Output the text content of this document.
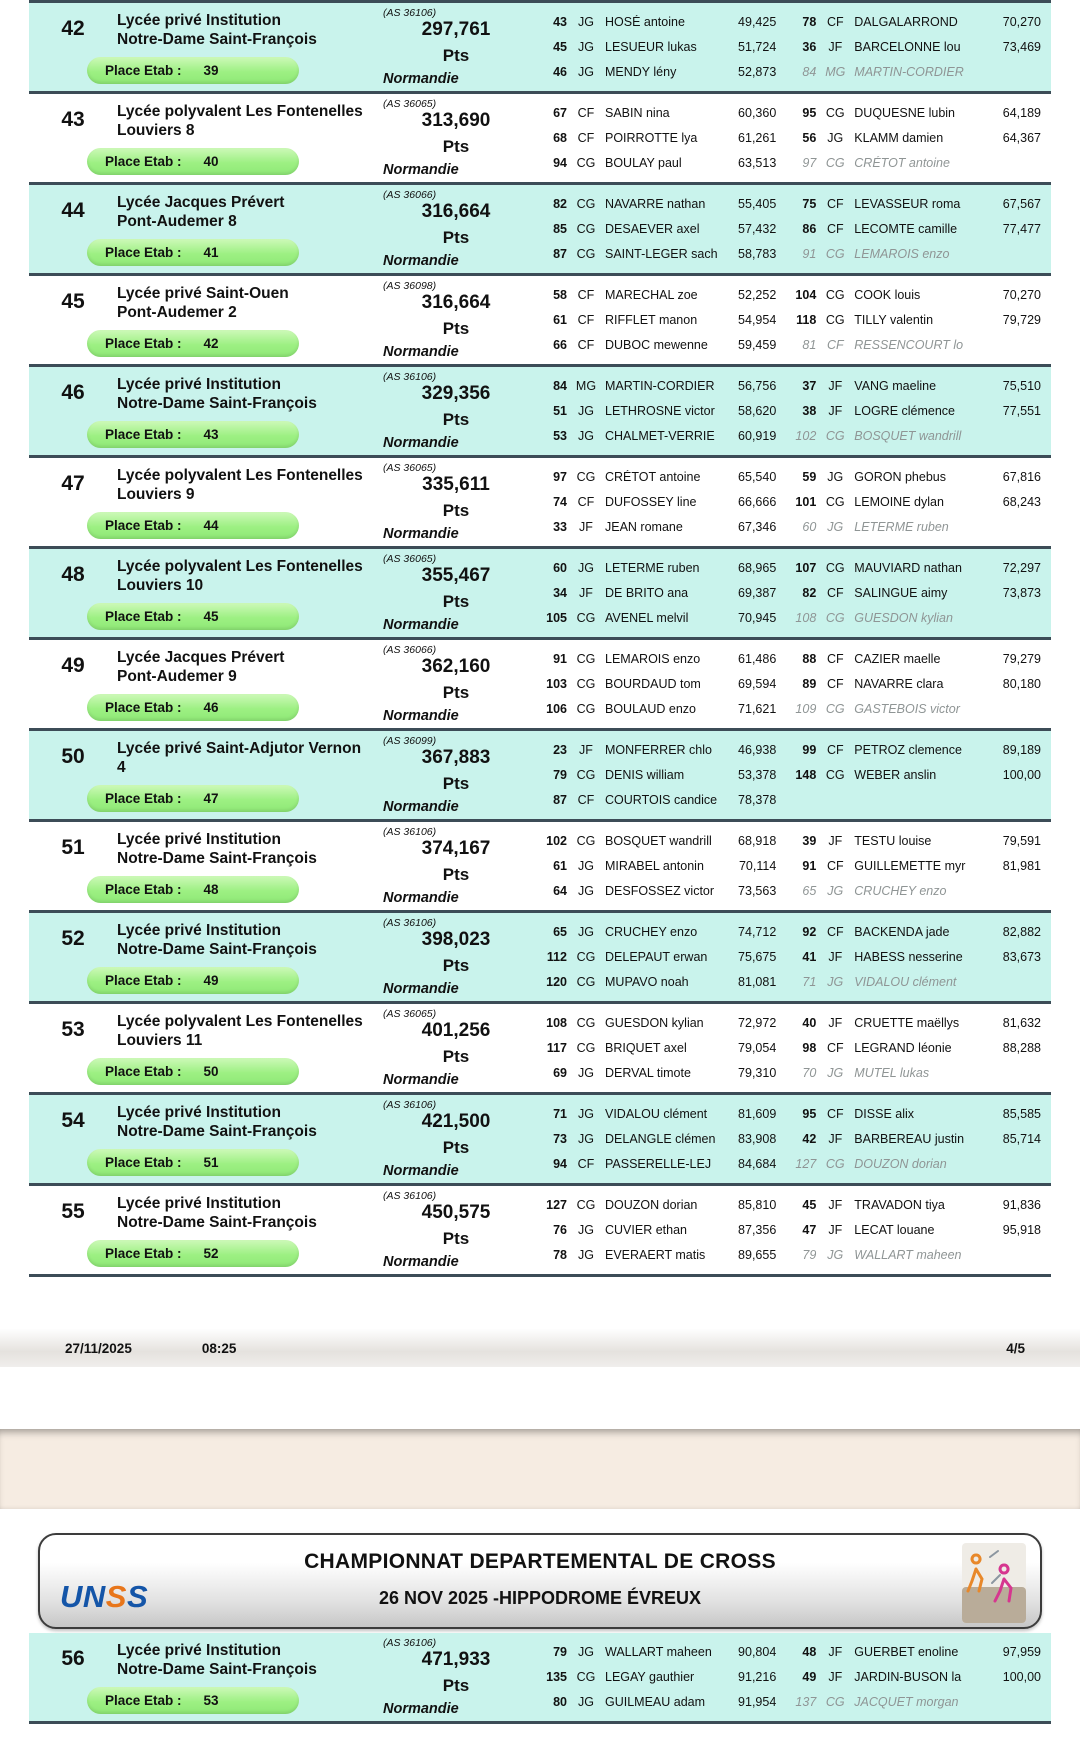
42	Lycée privé Institution
Notre-Dame Saint-François
(AS 36106)
297,761
Pts
Normandie
43 JG HOSÉ antoine	49,425	78 CF DALGALARROND	70,270
45 JG LESUEUR lukas	51,724	36 JF BARCELONNE lou	73,469
46 JG MENDY lény	52,873	84 MG MARTIN-CORDIER
Place Etab : 39
43	Lycée polyvalent Les Fontenelles
Louviers 8
(AS 36065)
313,690
Pts
Normandie
67 CF SABIN nina	60,360	95 CG DUQUESNE lubin	64,189
68 CF POIRROTTE lya	61,261	56 JG KLAMM damien	64,367
94 CG BOULAY paul	63,513	97 CG CRÉTOT antoine
Place Etab : 40
44	Lycée Jacques Prévert
Pont-Audemer 8
(AS 36066)
316,664
Pts
Normandie
82 CG NAVARRE nathan	55,405	75 CF LEVASSEUR roma	67,567
85 CG DESAEVER axel	57,432	86 CF LECOMTE camille	77,477
87 CG SAINT-LEGER sach	58,783	91 CG LEMAROIS enzo
Place Etab : 41
45	Lycée privé Saint-Ouen
Pont-Audemer 2
(AS 36098)
316,664
Pts
Normandie
58 CF MARECHAL zoe	52,252	104 CG COOK louis	70,270
61 CF RIFFLET manon	54,954	118 CG TILLY valentin	79,729
66 CF DUBOC mewenne	59,459	81 CF RESSENCOURT lo
Place Etab : 42
46	Lycée privé Institution
Notre-Dame Saint-François
(AS 36106)
329,356
Pts
Normandie
84 MG MARTIN-CORDIER	56,756	37 JF VANG maeline	75,510
51 JG LETHROSNE victor	58,620	38 JF LOGRE clémence	77,551
53 JG CHALMET-VERRIE	60,919	102 CG BOSQUET wandrill
Place Etab : 43
47	Lycée polyvalent Les Fontenelles
Louviers 9
(AS 36065)
335,611
Pts
Normandie
97 CG CRÉTOT antoine	65,540	59 JG GORON phebus	67,816
74 CF DUFOSSEY line	66,666	101 CG LEMOINE dylan	68,243
33 JF JEAN romane	67,346	60 JG LETERME ruben
Place Etab : 44
48	Lycée polyvalent Les Fontenelles
Louviers 10
(AS 36065)
355,467
Pts
Normandie
60 JG LETERME ruben	68,965	107 CG MAUVIARD nathan	72,297
34 JF DE BRITO ana	69,387	82 CF SALINGUE aimy	73,873
105 CG AVENEL melvil	70,945	108 CG GUESDON kylian
Place Etab : 45
49	Lycée Jacques Prévert
Pont-Audemer 9
(AS 36066)
362,160
Pts
Normandie
91 CG LEMAROIS enzo	61,486	88 CF CAZIER maelle	79,279
103 CG BOURDAUD tom	69,594	89 CF NAVARRE clara	80,180
106 CG BOULAUD enzo	71,621	109 CG GASTEBOIS victor
Place Etab : 46
50	Lycée privé Saint-Adjutor Vernon
4
(AS 36099)
367,883
Pts
Normandie
23 JF MONFERRER chlo	46,938	99 CF PETROZ clemence	89,189
79 CG DENIS william	53,378	148 CG WEBER anslin	100,00
87 CF COURTOIS candice	78,378
Place Etab : 47
51	Lycée privé Institution
Notre-Dame Saint-François
(AS 36106)
374,167
Pts
Normandie
102 CG BOSQUET wandrill	68,918	39 JF TESTU louise	79,591
61 JG MIRABEL antonin	70,114	91 CF GUILLEMETTE myr	81,981
64 JG DESFOSSEZ victor	73,563	65 JG CRUCHEY enzo
Place Etab : 48
52	Lycée privé Institution
Notre-Dame Saint-François
(AS 36106)
398,023
Pts
Normandie
65 JG CRUCHEY enzo	74,712	92 CF BACKENDA jade	82,882
112 CG DELEPAUT erwan	75,675	41 JF HABESS nesserine	83,673
120 CG MUPAVO noah	81,081	71 JG VIDALOU clément
Place Etab : 49
53	Lycée polyvalent Les Fontenelles
Louviers 11
(AS 36065)
401,256
Pts
Normandie
108 CG GUESDON kylian	72,972	40 JF CRUETTE maëllys	81,632
117 CG BRIQUET axel	79,054	98 CF LEGRAND léonie	88,288
69 JG DERVAL timote	79,310	70 JG MUTEL lukas
Place Etab : 50
54	Lycée privé Institution
Notre-Dame Saint-François
(AS 36106)
421,500
Pts
Normandie
71 JG VIDALOU clément	81,609	95 CF DISSE alix	85,585
73 JG DELANGLE clémen	83,908	42 JF BARBEREAU justin	85,714
94 CF PASSERELLE-LEJ	84,684	127 CG DOUZON dorian
Place Etab : 51
55	Lycée privé Institution
Notre-Dame Saint-François
(AS 36106)
450,575
Pts
Normandie
127 CG DOUZON dorian	85,810	45 JF TRAVADON tiya	91,836
76 JG CUVIER ethan	87,356	47 JF LECAT louane	95,918
78 JG EVERAERT matis	89,655	79 JG WALLART maheen
Place Etab : 52
27/11/2025	08:25	4/5
UNSS
CHAMPIONNAT DEPARTEMENTAL DE CROSS
26 NOV 2025 -HIPPODROME ÉVREUX
56	Lycée privé Institution
Notre-Dame Saint-François
(AS 36106)
471,933
Pts
Normandie
79 JG WALLART maheen	90,804	48 JF GUERBET enoline	97,959
135 CG LEGAY gauthier	91,216	49 JF JARDIN-BUSON la	100,00
80 JG GUILMEAU adam	91,954	137 CG JACQUET morgan
Place Etab : 53
